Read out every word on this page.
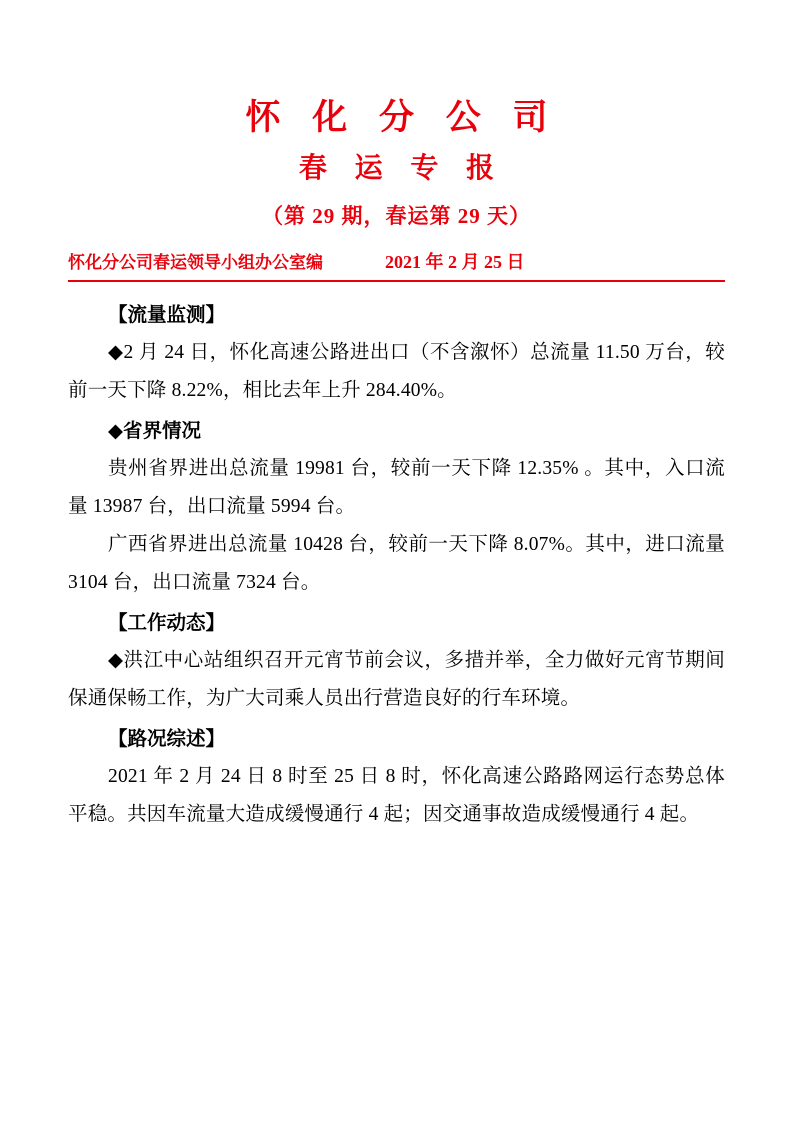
怀 化 分 公 司
春 运 专 报
（第 29 期，春运第 29 天）
怀化分公司春运领导小组办公室编	2021 年 2 月 25 日
【流量监测】

◆2 月 24 日，怀化高速公路进出口（不含溆怀）总流量 11.50 万台，较前一天下降 8.22%，相比去年上升 284.40%。

◆省界情况

贵州省界进出总流量 19981 台，较前一天下降 12.35% 。其中，入口流量 13987 台，出口流量 5994 台。

广西省界进出总流量 10428 台，较前一天下降 8.07%。其中，进口流量 3104 台，出口流量 7324 台。

【工作动态】

◆洪江中心站组织召开元宵节前会议，多措并举，全力做好元宵节期间保通保畅工作，为广大司乘人员出行营造良好的行车环境。

【路况综述】

2021 年 2 月 24 日 8 时至 25 日 8 时，怀化高速公路路网运行态势总体平稳。共因车流量大造成缓慢通行 4 起；因交通事故造成缓慢通行 4 起。
